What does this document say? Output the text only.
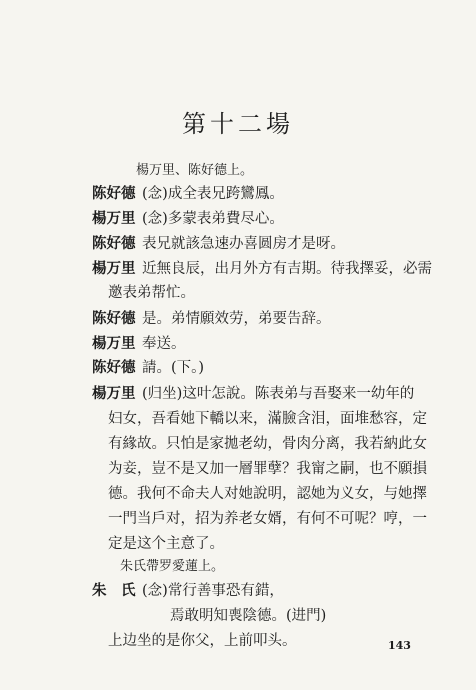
第十二場
楊万里、陈好德上。
陈好德 (念)成全表兄跨鸞鳳。
楊万里 (念)多蒙表弟費尽心。
陈好德 表兄就該急速办喜圆房才是呀。
楊万里 近無良辰，出月外方有吉期。待我擇妥，必需
邀表弟帮忙。
陈好德 是。弟情願效劳，弟要告辞。
楊万里 奉送。
陈好德 請。(下。)
楊万里 (归坐)这叶怎說。陈表弟与吾娶来一幼年的
妇女，吾看她下轎以来，滿臉含泪，面堆愁容，定
有緣故。只怕是家拋老幼，骨肉分离，我若納此女
为妾，豈不是又加一層罪孽？我甯之嗣，也不願損
德。我何不命夫人对她說明，認她为义女，与她擇
一門当戶对，招为养老女婿，有何不可呢？哼，一
定是这个主意了。
朱氏帶罗愛蓮上。
朱　氏 (念)常行善事恐有錯，
焉敢明知喪陰德。(进門)
上边坐的是你父，上前叩头。	143
